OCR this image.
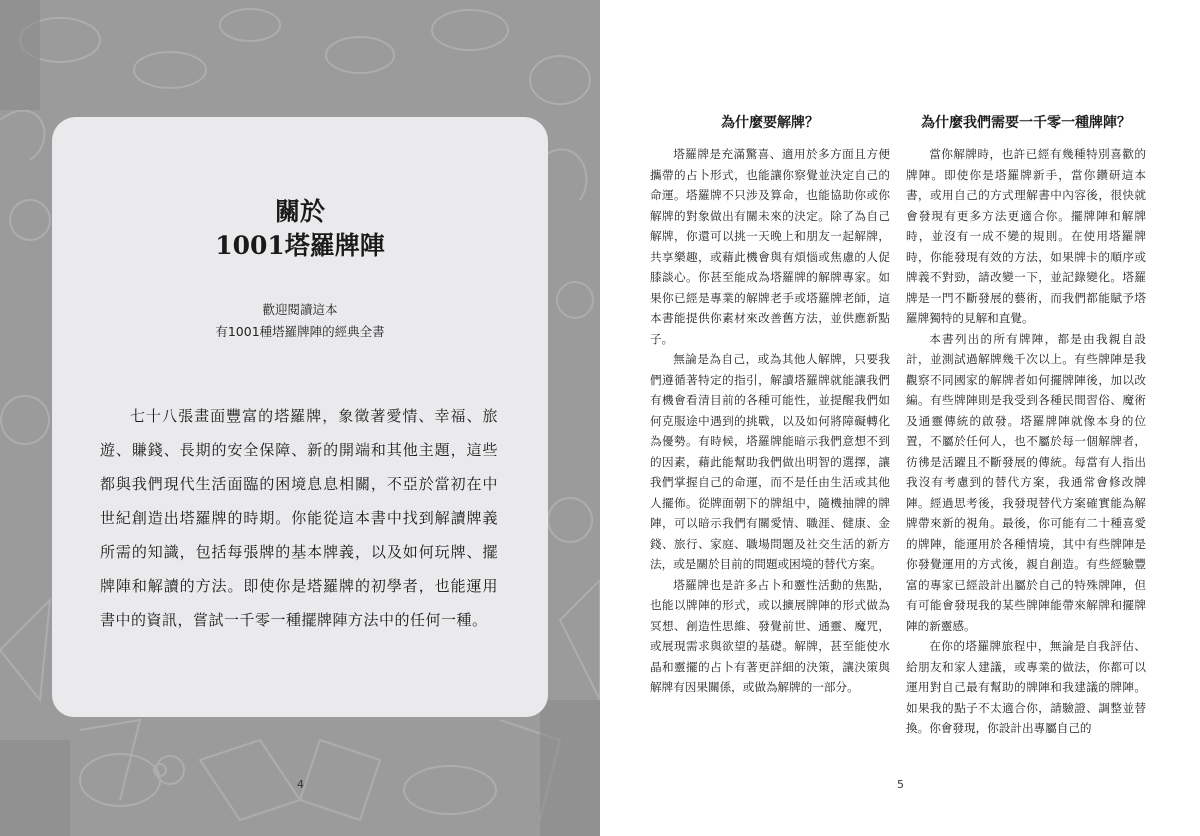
關於
1001塔羅牌陣
歡迎閱讀這本
有1001種塔羅牌陣的經典全書
七十八張畫面豐富的塔羅牌，象徵著愛情、幸福、旅遊、賺錢、長期的安全保障、新的開端和其他主題，這些都與我們現代生活面臨的困境息息相關，不亞於當初在中世紀創造出塔羅牌的時期。你能從這本書中找到解讀牌義所需的知識，包括每張牌的基本牌義，以及如何玩牌、擺牌陣和解讀的方法。即使你是塔羅牌的初學者，也能運用書中的資訊，嘗試一千零一種擺牌陣方法中的任何一種。
4
為什麼要解牌？

塔羅牌是充滿驚喜、適用於多方面且方便攜帶的占卜形式，也能讓你察覺並決定自己的命運。塔羅牌不只涉及算命，也能協助你或你解牌的對象做出有關未來的決定。除了為自己解牌，你還可以挑一天晚上和朋友一起解牌，共享樂趣，或藉此機會與有煩惱或焦慮的人促膝談心。你甚至能成為塔羅牌的解牌專家。如果你已經是專業的解牌老手或塔羅牌老師，這本書能提供你素材來改善舊方法，並供應新點子。

無論是為自己，或為其他人解牌，只要我們遵循著特定的指引，解讀塔羅牌就能讓我們有機會看清目前的各種可能性，並提醒我們如何克服途中遇到的挑戰，以及如何將障礙轉化為優勢。有時候，塔羅牌能暗示我們意想不到的因素，藉此能幫助我們做出明智的選擇，讓我們掌握自己的命運，而不是任由生活或其他人擺佈。從牌面朝下的牌組中，隨機抽牌的牌陣，可以暗示我們有關愛情、職涯、健康、金錢、旅行、家庭、職場問題及社交生活的新方法，或是關於目前的問題或困境的替代方案。

塔羅牌也是許多占卜和靈性活動的焦點，也能以牌陣的形式，或以擴展牌陣的形式做為冥想、創造性思維、發覺前世、通靈、魔咒，或展現需求與欲望的基礎。解牌，甚至能使水晶和靈擺的占卜有著更詳細的決策，讓決策與解牌有因果關係，或做為解牌的一部分。

為什麼我們需要一千零一種牌陣？

當你解牌時，也許已經有幾種特別喜歡的牌陣。即使你是塔羅牌新手，當你鑽研這本書，或用自己的方式理解書中內容後，很快就會發現有更多方法更適合你。擺牌陣和解牌時，並沒有一成不變的規則。在使用塔羅牌時，你能發現有效的方法，如果牌卡的順序或牌義不對勁，請改變一下，並記錄變化。塔羅牌是一門不斷發展的藝術，而我們都能賦予塔羅牌獨特的見解和直覺。

本書列出的所有牌陣，都是由我親自設計，並測試過解牌幾千次以上。有些牌陣是我觀察不同國家的解牌者如何擺牌陣後，加以改編。有些牌陣則是我受到各種民間習俗、魔術及通靈傳統的啟發。塔羅牌陣就像本身的位置，不屬於任何人，也不屬於每一個解牌者，彷彿是活躍且不斷發展的傳統。每當有人指出我沒有考慮到的替代方案，我通常會修改牌陣。經過思考後，我發現替代方案確實能為解牌帶來新的視角。最後，你可能有二十種喜愛的牌陣，能運用於各種情境，其中有些牌陣是你發覺運用的方式後，親自創造。有些經驗豐富的專家已經設計出屬於自己的特殊牌陣，但有可能會發現我的某些牌陣能帶來解牌和擺牌陣的新靈感。

在你的塔羅牌旅程中，無論是自我評估、給朋友和家人建議，或專業的做法，你都可以運用對自己最有幫助的牌陣和我建議的牌陣。如果我的點子不太適合你，請驗證、調整並替換。你會發現，你設計出專屬自己的

5
